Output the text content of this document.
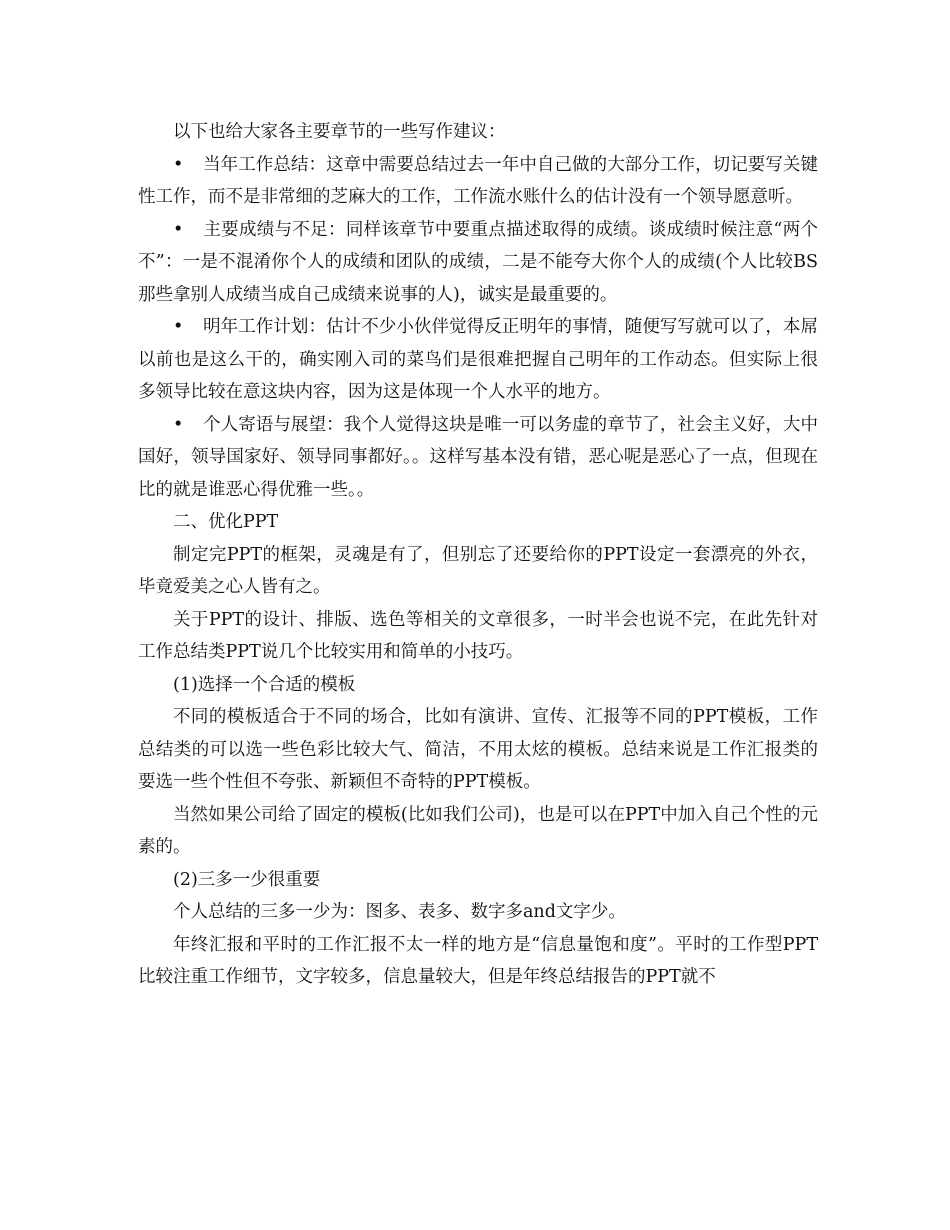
以下也给大家各主要章节的一些写作建议：

• 当年工作总结：这章中需要总结过去一年中自己做的大部分工作，切记要写关键性工作，而不是非常细的芝麻大的工作，工作流水账什么的估计没有一个领导愿意听。

• 主要成绩与不足：同样该章节中要重点描述取得的成绩。谈成绩时候注意“两个不”：一是不混淆你个人的成绩和团队的成绩，二是不能夸大你个人的成绩(个人比较BS那些拿别人成绩当成自己成绩来说事的人)，诚实是最重要的。

• 明年工作计划：估计不少小伙伴觉得反正明年的事情，随便写写就可以了，本屌以前也是这么干的，确实刚入司的菜鸟们是很难把握自己明年的工作动态。但实际上很多领导比较在意这块内容，因为这是体现一个人水平的地方。

• 个人寄语与展望：我个人觉得这块是唯一可以务虚的章节了，社会主义好，大中国好，领导国家好、领导同事都好。。这样写基本没有错，恶心呢是恶心了一点，但现在比的就是谁恶心得优雅一些。。

二、优化PPT

制定完PPT的框架，灵魂是有了，但别忘了还要给你的PPT设定一套漂亮的外衣，毕竟爱美之心人皆有之。

关于PPT的设计、排版、选色等相关的文章很多，一时半会也说不完，在此先针对工作总结类PPT说几个比较实用和简单的小技巧。

(1)选择一个合适的模板

不同的模板适合于不同的场合，比如有演讲、宣传、汇报等不同的PPT模板，工作总结类的可以选一些色彩比较大气、简洁，不用太炫的模板。总结来说是工作汇报类的要选一些个性但不夸张、新颖但不奇特的PPT模板。

当然如果公司给了固定的模板(比如我们公司)，也是可以在PPT中加入自己个性的元素的。

(2)三多一少很重要

个人总结的三多一少为：图多、表多、数字多and文字少。

年终汇报和平时的工作汇报不太一样的地方是“信息量饱和度”。平时的工作型PPT比较注重工作细节，文字较多，信息量较大，但是年终总结报告的PPT就不
